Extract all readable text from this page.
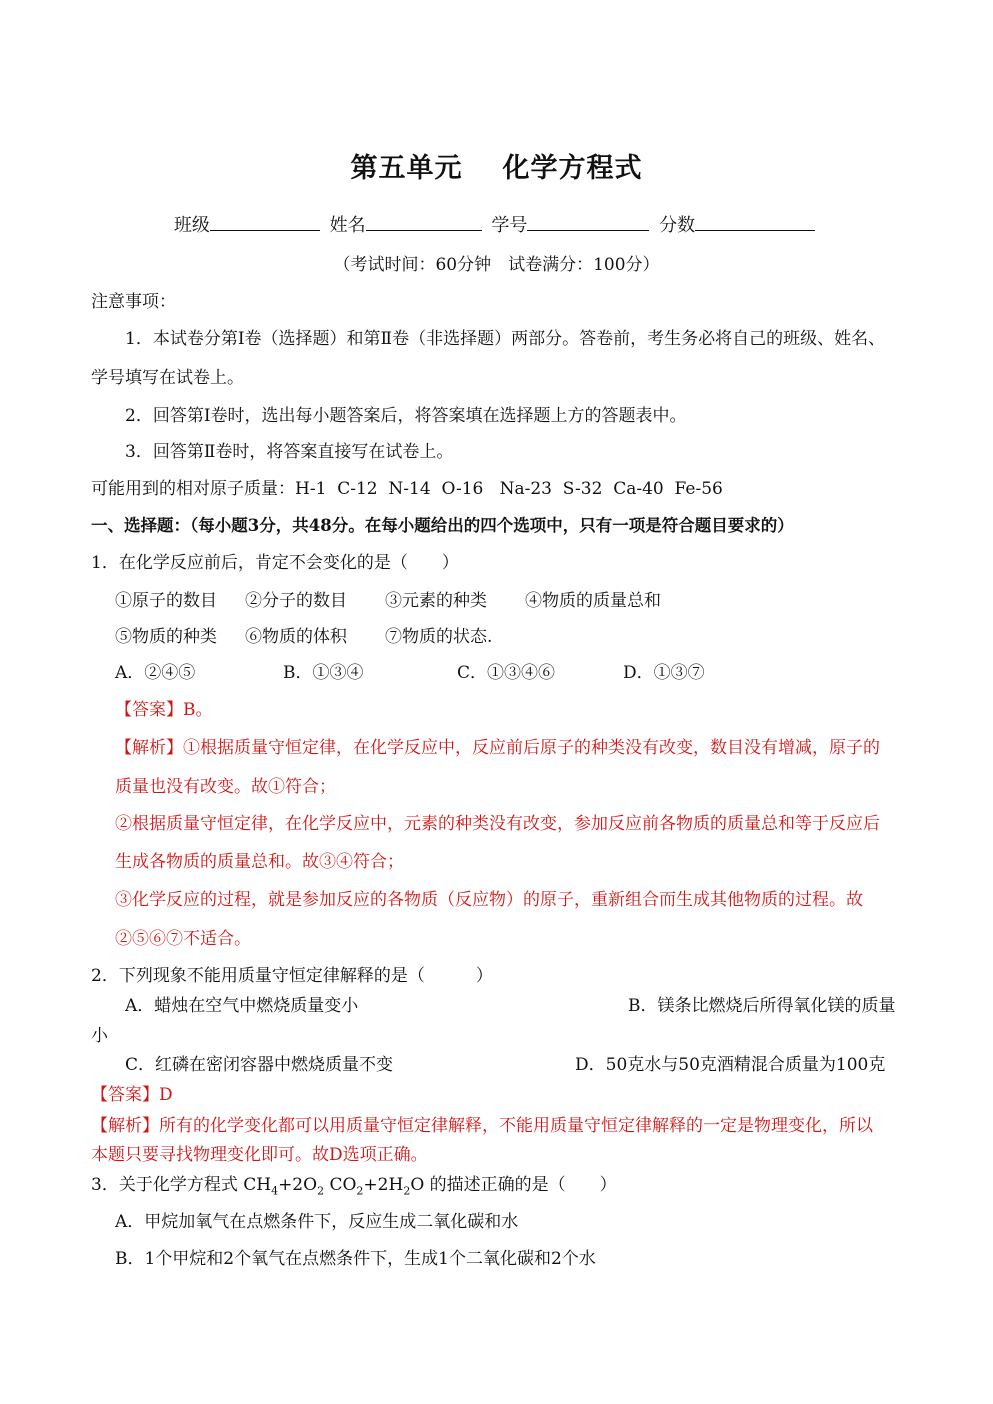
第五单元 化学方程式
班级	姓名	学号	分数
（考试时间：60分钟　试卷满分：100分）
注意事项：
1．本试卷分第Ⅰ卷（选择题）和第Ⅱ卷（非选择题）两部分。答卷前，考生务必将自己的班级、姓名、
学号填写在试卷上。
2．回答第Ⅰ卷时，选出每小题答案后，将答案填在选择题上方的答题表中。
3．回答第Ⅱ卷时，将答案直接写在试卷上。
可能用到的相对原子质量：H-1  C-12  N-14  O-16   Na-23  S-32  Ca-40  Fe-56
一、选择题：（每小题3分，共48分。在每小题给出的四个选项中，只有一项是符合题目要求的）
1．在化学反应前后，肯定不会变化的是（　　）
①原子的数目 ②分子的数目 ③元素的种类 ④物质的质量总和
⑤物质的种类 ⑥物质的体积 ⑦物质的状态.
A．②④⑤	B．①③④	C．①③④⑥	D．①③⑦
【答案】B。
【解析】①根据质量守恒定律，在化学反应中，反应前后原子的种类没有改变，数目没有增减，原子的
质量也没有改变。故①符合；
②根据质量守恒定律，在化学反应中，元素的种类没有改变，参加反应前各物质的质量总和等于反应后
生成各物质的质量总和。故③④符合；
③化学反应的过程，就是参加反应的各物质（反应物）的原子，重新组合而生成其他物质的过程。故
②⑤⑥⑦不适合。
2．下列现象不能用质量守恒定律解释的是（　　　）
A．蜡烛在空气中燃烧质量变小	B．镁条比燃烧后所得氧化镁的质量
小
C．红磷在密闭容器中燃烧质量不变	D．50克水与50克酒精混合质量为100克
【答案】D
【解析】所有的化学变化都可以用质量守恒定律解释，不能用质量守恒定律解释的一定是物理变化，所以
本题只要寻找物理变化即可。故D选项正确。
3．关于化学方程式 $CH_4+2O_2$ $CO_2+2H_2O$ 的描述正确的是（　　）
A．甲烷加氧气在点燃条件下，反应生成二氧化碳和水
B．1个甲烷和2个氧气在点燃条件下，生成1个二氧化碳和2个水
